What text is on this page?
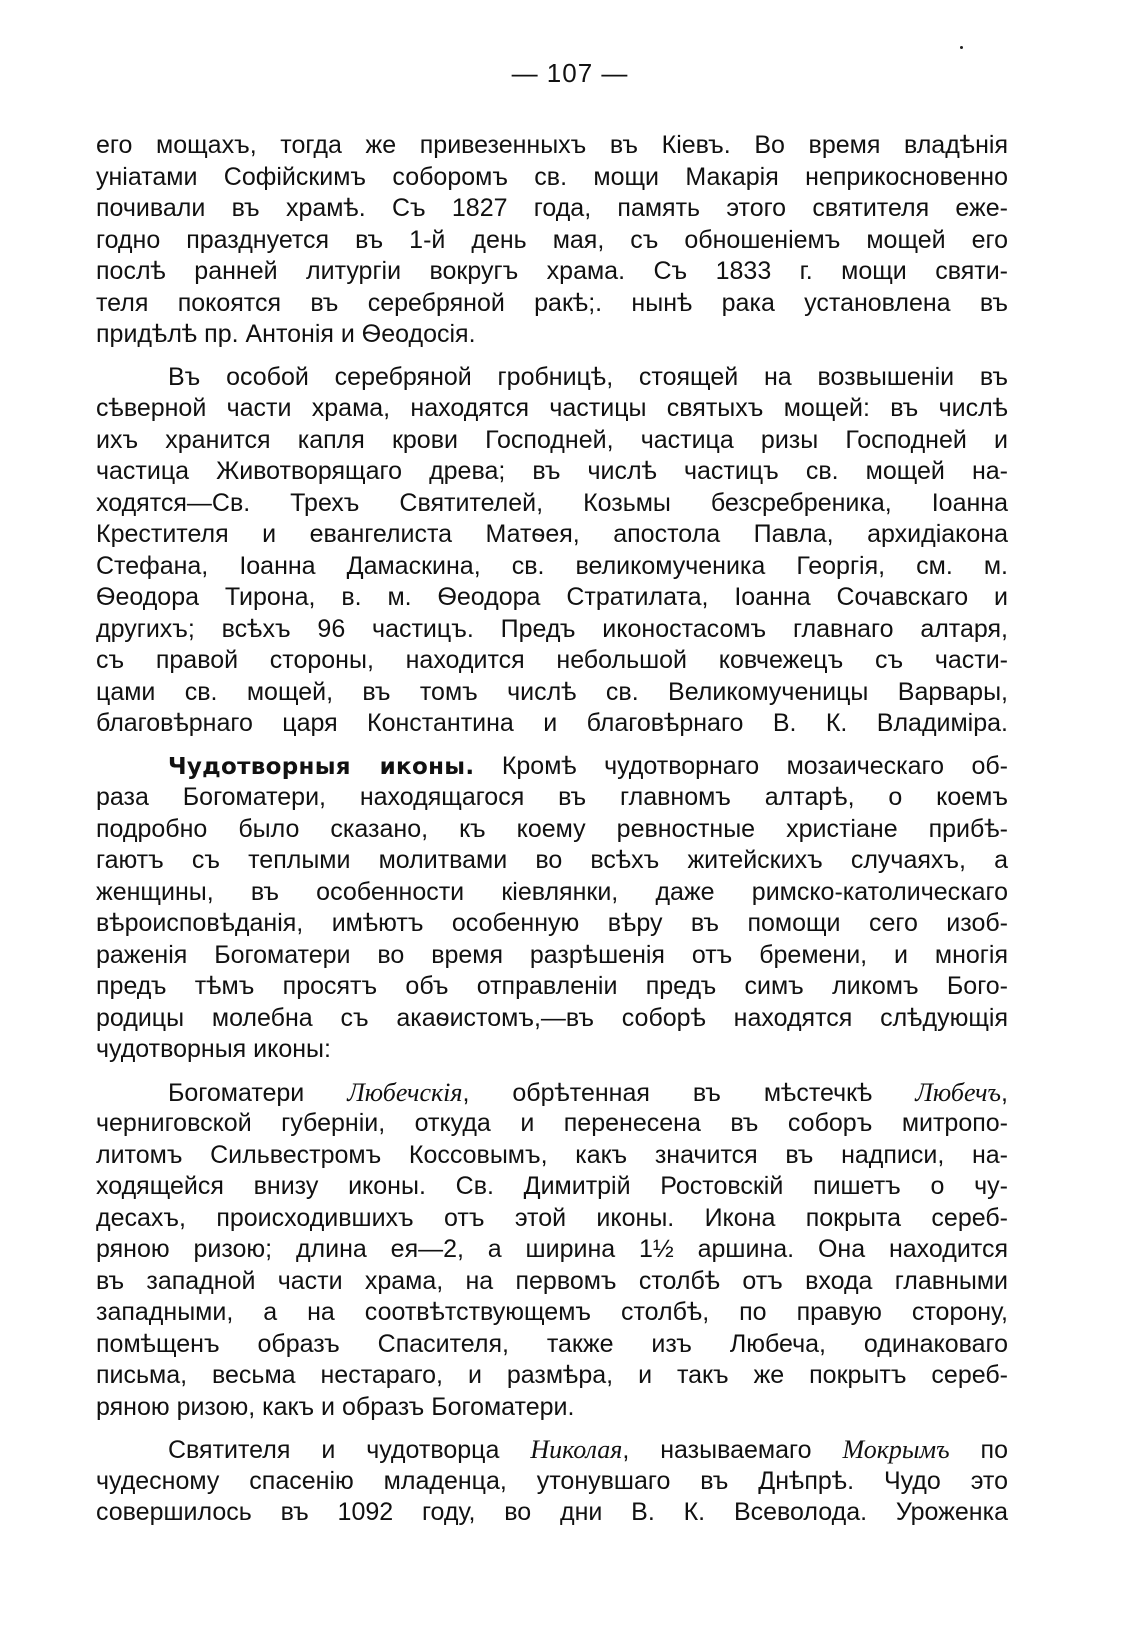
— 107 —
его мощахъ, тогда же привезенныхъ въ Кіевъ. Во время владѣнія
уніатами Софійскимъ соборомъ св. мощи Макарія неприкосновенно
почивали въ храмѣ. Съ 1827 года, память этого святителя еже-
годно празднуется въ 1-й день мая, съ обношеніемъ мощей его
послѣ ранней литургіи вокругъ храма. Съ 1833 г. мощи святи-
теля покоятся въ серебряной ракѣ;. нынѣ рака установлена въ
придѣлѣ пр. Антонія и Ѳеодосія.
Въ особой серебряной гробницѣ, стоящей на возвышеніи въ
сѣверной части храма, находятся частицы святыхъ мощей: въ числѣ
ихъ хранится капля крови Господней, частица ризы Господней и
частица Животворящаго древа; въ числѣ частицъ св. мощей на-
ходятся—Св. Трехъ Святителей, Козьмы безсребреника, Іоанна
Крестителя и евангелиста Матѳея, апостола Павла, архидіакона
Стефана, Іоанна Дамаскина, св. великомученика Георгія, см. м.
Ѳеодора Тирона, в. м. Ѳеодора Стратилата, Іоанна Сочавскаго и
другихъ; всѣхъ 96 частицъ. Предъ иконостасомъ главнаго алтаря,
съ правой стороны, находится небольшой ковчежецъ съ части-
цами св. мощей, въ томъ числѣ св. Великомученицы Варвары,
благовѣрнаго царя Константина и благовѣрнаго В. К. Владиміра.
Чудотворныя иконы. Кромѣ чудотворнаго мозаическаго об-
раза Богоматери, находящагося въ главномъ алтарѣ, о коемъ
подробно было сказано, къ коему ревностные христіане прибѣ-
гаютъ съ теплыми молитвами во всѣхъ житейскихъ случаяхъ, а
женщины, въ особенности кіевлянки, даже римско-католическаго
вѣроисповѣданія, имѣютъ особенную вѣру въ помощи сего изоб-
раженія Богоматери во время разрѣшенія отъ бремени, и многія
предъ тѣмъ просятъ объ отправленіи предъ симъ ликомъ Бого-
родицы молебна съ акаѳистомъ,—въ соборѣ находятся слѣдующія
чудотворныя иконы:
Богоматери Любечскія, обрѣтенная въ мѣстечкѣ Любечъ,
черниговской губерніи, откуда и перенесена въ соборъ митропо-
литомъ Сильвестромъ Коссовымъ, какъ значится въ надписи, на-
ходящейся внизу иконы. Св. Димитрій Ростовскій пишетъ о чу-
десахъ, происходившихъ отъ этой иконы. Икона покрыта сереб-
ряною ризою; длина ея—2, а ширина 1½ аршина. Она находится
въ западной части храма, на первомъ столбѣ отъ входа главными
западными, а на соотвѣтствующемъ столбѣ, по правую сторону,
помѣщенъ образъ Спасителя, также изъ Любеча, одинаковаго
письма, весьма нестараго, и размѣра, и такъ же покрытъ сереб-
ряною ризою, какъ и образъ Богоматери.
Святителя и чудотворца Николая, называемаго Мокрымъ по
чудесному спасенію младенца, утонувшаго въ Днѣпрѣ. Чудо это
совершилось въ 1092 году, во дни В. К. Всеволода. Уроженка
